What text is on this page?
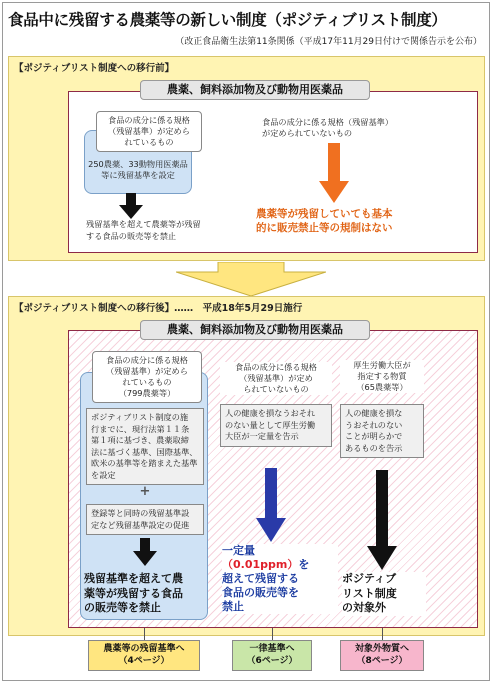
食品中に残留する農薬等の新しい制度（ポジティブリスト制度）
（改正食品衛生法第11条関係（平成17年11月29日付けで関係告示を公布）
【ポジティブリスト制度への移行前】
農薬、飼料添加物及び動物用医薬品
食品の成分に係る規格
（残留基準）が定めら
れているもの
250農薬、33動物用医薬品
等に残留基準を設定
残留基準を超えて農薬等が残留
する食品の販売等を禁止
食品の成分に係る規格（残留基準）
が定められていないもの
農薬等が残留していても基本
的に販売禁止等の規制はない
【ポジティブリスト制度への移行後】……　平成18年5月29日施行
農薬、飼料添加物及び動物用医薬品
食品の成分に係る規格
（残留基準）が定めら
れているもの
（799農薬等）
ポジティブリスト制度の施
行までに、現行法第１１条
第１項に基づき、農薬取締
法に基づく基準、国際基準、
欧米の基準等を踏まえた基準
を設定
+
登録等と同時の残留基準設
定など残留基準設定の促進
残留基準を超えて農
薬等が残留する食品
の販売等を禁止
食品の成分に係る規格
（残留基準）が定め
られていないもの
人の健康を損なうおそれ
のない量として厚生労働
大臣が一定量を告示
一定量
（0.01ppm）を
超えて残留する
食品の販売等を
禁止
厚生労働大臣が
指定する物質
（65農薬等）
人の健康を損な
うおそれのない
ことが明らかで
あるものを告示
ポジティブ
リスト制度
の対象外
農薬等の残留基準へ
（4ページ）
一律基準へ
（6ページ）
対象外物質へ
（8ページ）
